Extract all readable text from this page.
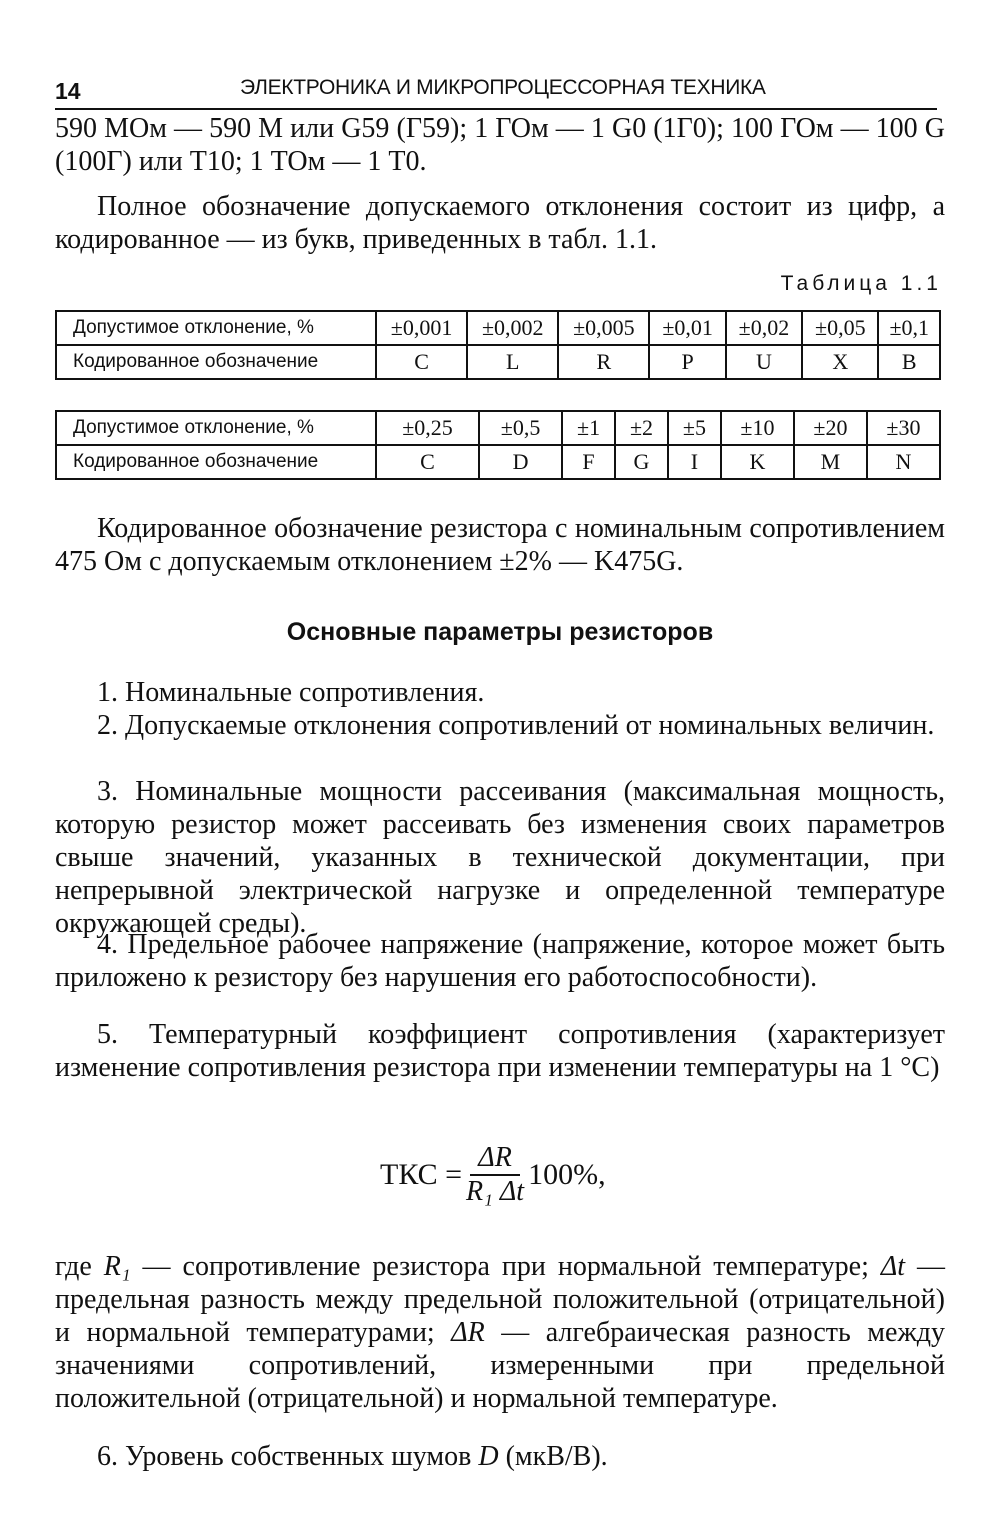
14	ЭЛЕКТРОНИКА И МИКРОПРОЦЕССОРНАЯ ТЕХНИКА

590 МОм — 590 М или G59 (Г59); 1 ГОм — 1 G0 (1Г0); 100 ГОм — 100 G (100Г) или Т10; 1 ТОм — 1 Т0.

Полное обозначение допускаемого отклонения состоит из цифр, а кодированное — из букв, приведенных в табл. 1.1.

Таблица 1.1
Допустимое отклонение, %	±0,001	±0,002	±0,005	±0,01	±0,02	±0,05	±0,1
Кодированное обозначение	C	L	R	P	U	X	B
Допустимое отклонение, %	±0,25	±0,5	±1	±2	±5	±10	±20	±30
Кодированное обозначение	C	D	F	G	I	K	M	N

Кодированное обозначение резистора с номинальным сопротивлением 475 Ом с допускаемым отклонением ±2% — K475G.

Основные параметры резисторов

1. Номинальные сопротивления.

2. Допускаемые отклонения сопротивлений от номинальных величин.

3. Номинальные мощности рассеивания (максимальная мощность, которую резистор может рассеивать без изменения своих параметров свыше значений, указанных в технической документации, при непрерывной электрической нагрузке и определенной температуре окружающей среды).

4. Предельное рабочее напряжение (напряжение, которое может быть приложено к резистору без нарушения его работоспособности).

5. Температурный коэффициент сопротивления (характеризует изменение сопротивления резистора при изменении температуры на 1 °C)

ТКС = $\frac{\Delta R}{\text{R₁ Δt}} 100\%$,

где R₁ — сопротивление резистора при нормальной температуре; Δt — предельная разность между предельной положительной (отрицательной) и нормальной температурами; ΔR — алгебраическая разность между значениями сопротивлений, измеренными при предельной положительной (отрицательной) и нормальной температуре.

6. Уровень собственных шумов D (мкВ/В).
